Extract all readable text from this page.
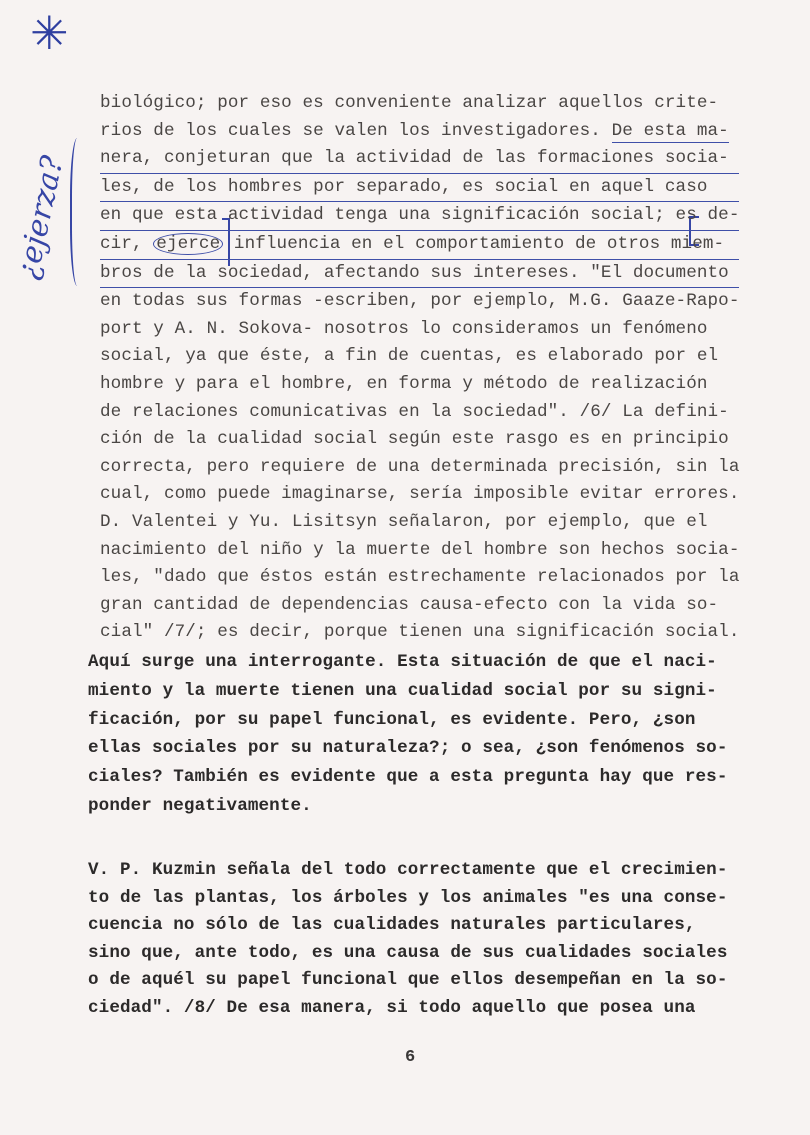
✳
¿ejerza?
biológico; por eso es conveniente analizar aquellos crite-
rios de los cuales se valen los investigadores. De esta ma-
nera, conjeturan que la actividad de las formaciones socia-
les, de los hombres por separado, es social en aquel caso
en que esta actividad tenga una significación social; es de-
cir, ejerce influencia en el comportamiento de otros miem-
bros de la sociedad, afectando sus intereses. "El documento
en todas sus formas -escriben, por ejemplo, M.G. Gaaze-Rapo-
port y A. N. Sokova- nosotros lo consideramos un fenómeno
social, ya que éste, a fin de cuentas, es elaborado por el
hombre y para el hombre, en forma y método de realización
de relaciones comunicativas en la sociedad". /6/ La defini-
ción de la cualidad social según este rasgo es en principio
correcta, pero requiere de una determinada precisión, sin la
cual, como puede imaginarse, sería imposible evitar errores.
D. Valentei y Yu. Lisitsyn señalaron, por ejemplo, que el
nacimiento del niño y la muerte del hombre son hechos socia-
les, "dado que éstos están estrechamente relacionados por la
gran cantidad de dependencias causa-efecto con la vida so-
cial" /7/; es decir, porque tienen una significación social.
Aquí surge una interrogante. Esta situación de que el naci-
miento y la muerte tienen una cualidad social por su signi-
ficación, por su papel funcional, es evidente. Pero, ¿son
ellas sociales por su naturaleza?; o sea, ¿son fenómenos so-
ciales? También es evidente que a esta pregunta hay que res-
ponder negativamente.
V. P. Kuzmin señala del todo correctamente que el crecimien-
to de las plantas, los árboles y los animales "es una conse-
cuencia no sólo de las cualidades naturales particulares,
sino que, ante todo, es una causa de sus cualidades sociales
o de aquél su papel funcional que ellos desempeñan en la so-
ciedad". /8/ De esa manera, si todo aquello que posea una
6
